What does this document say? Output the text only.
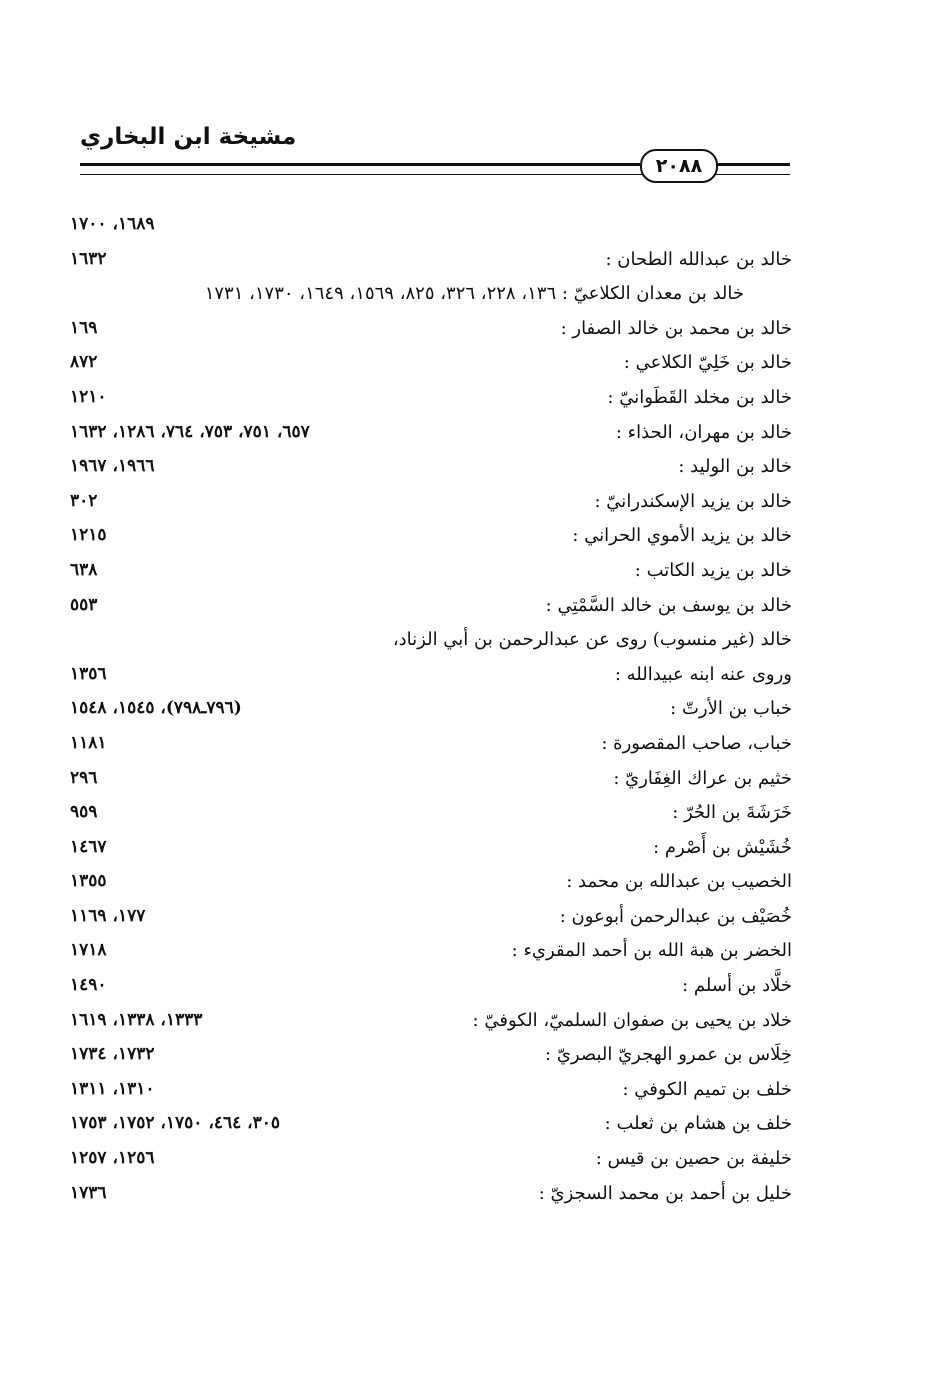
مشيخة ابن البخاري
٢٠٨٨
١٦٨٩، ١٧٠٠
خالد بن عبدالله الطحان :
١٦٣٢
خالد بن معدان الكلاعيّ : ١٣٦، ٢٢٨، ٣٢٦، ٨٢٥، ١٥٦٩، ١٦٤٩، ١٧٣٠، ١٧٣١
خالد بن محمد بن خالد الصفار :
١٦٩
خالد بن خَلِيّ الكلاعي :
٨٧٢
خالد بن مخلد القَطَوانيّ :
١٢١٠
خالد بن مهران، الحذاء :
٦٥٧، ٧٥١، ٧٥٣، ٧٦٤، ١٢٨٦، ١٦٣٢
خالد بن الوليد :
١٩٦٦، ١٩٦٧
خالد بن يزيد الإسكندرانيّ :
٣٠٢
خالد بن يزيد الأموي الحراني :
١٢١٥
خالد بن يزيد الكاتب :
٦٣٨
خالد بن يوسف بن خالد السَّمْتِي :
٥٥٣
خالد (غير منسوب) روى عن عبدالرحمن بن أبي الزناد،
وروى عنه ابنه عبيدالله :
١٣٥٦
خباب بن الأرتّ :
(٧٩٦ـ٧٩٨)، ١٥٤٥، ١٥٤٨
خباب، صاحب المقصورة :
١١٨١
خثيم بن عراك الغِفَاريّ :
٢٩٦
خَرَشَةَ بن الحُرّ :
٩٥٩
خُشَيْش بن أَصْرم :
١٤٦٧
الخصيب بن عبدالله بن محمد :
١٣٥٥
خُصَيْف بن عبدالرحمن أبوعون :
١٧٧، ١١٦٩
الخضر بن هبة الله بن أحمد المقريء :
١٧١٨
خلَّاد بن أسلم :
١٤٩٠
خلاد بن يحيى بن صفوان السلميّ، الكوفيّ :
١٣٣٣، ١٣٣٨، ١٦١٩
خِلَاس بن عمرو الهجريّ البصريّ :
١٧٣٢، ١٧٣٤
خلف بن تميم الكوفي :
١٣١٠، ١٣١١
خلف بن هشام بن ثعلب :
٣٠٥، ٤٦٤، ١٧٥٠، ١٧٥٢، ١٧٥٣
خليفة بن حصين بن قيس :
١٢٥٦، ١٢٥٧
خليل بن أحمد بن محمد السجزيّ :
١٧٣٦
